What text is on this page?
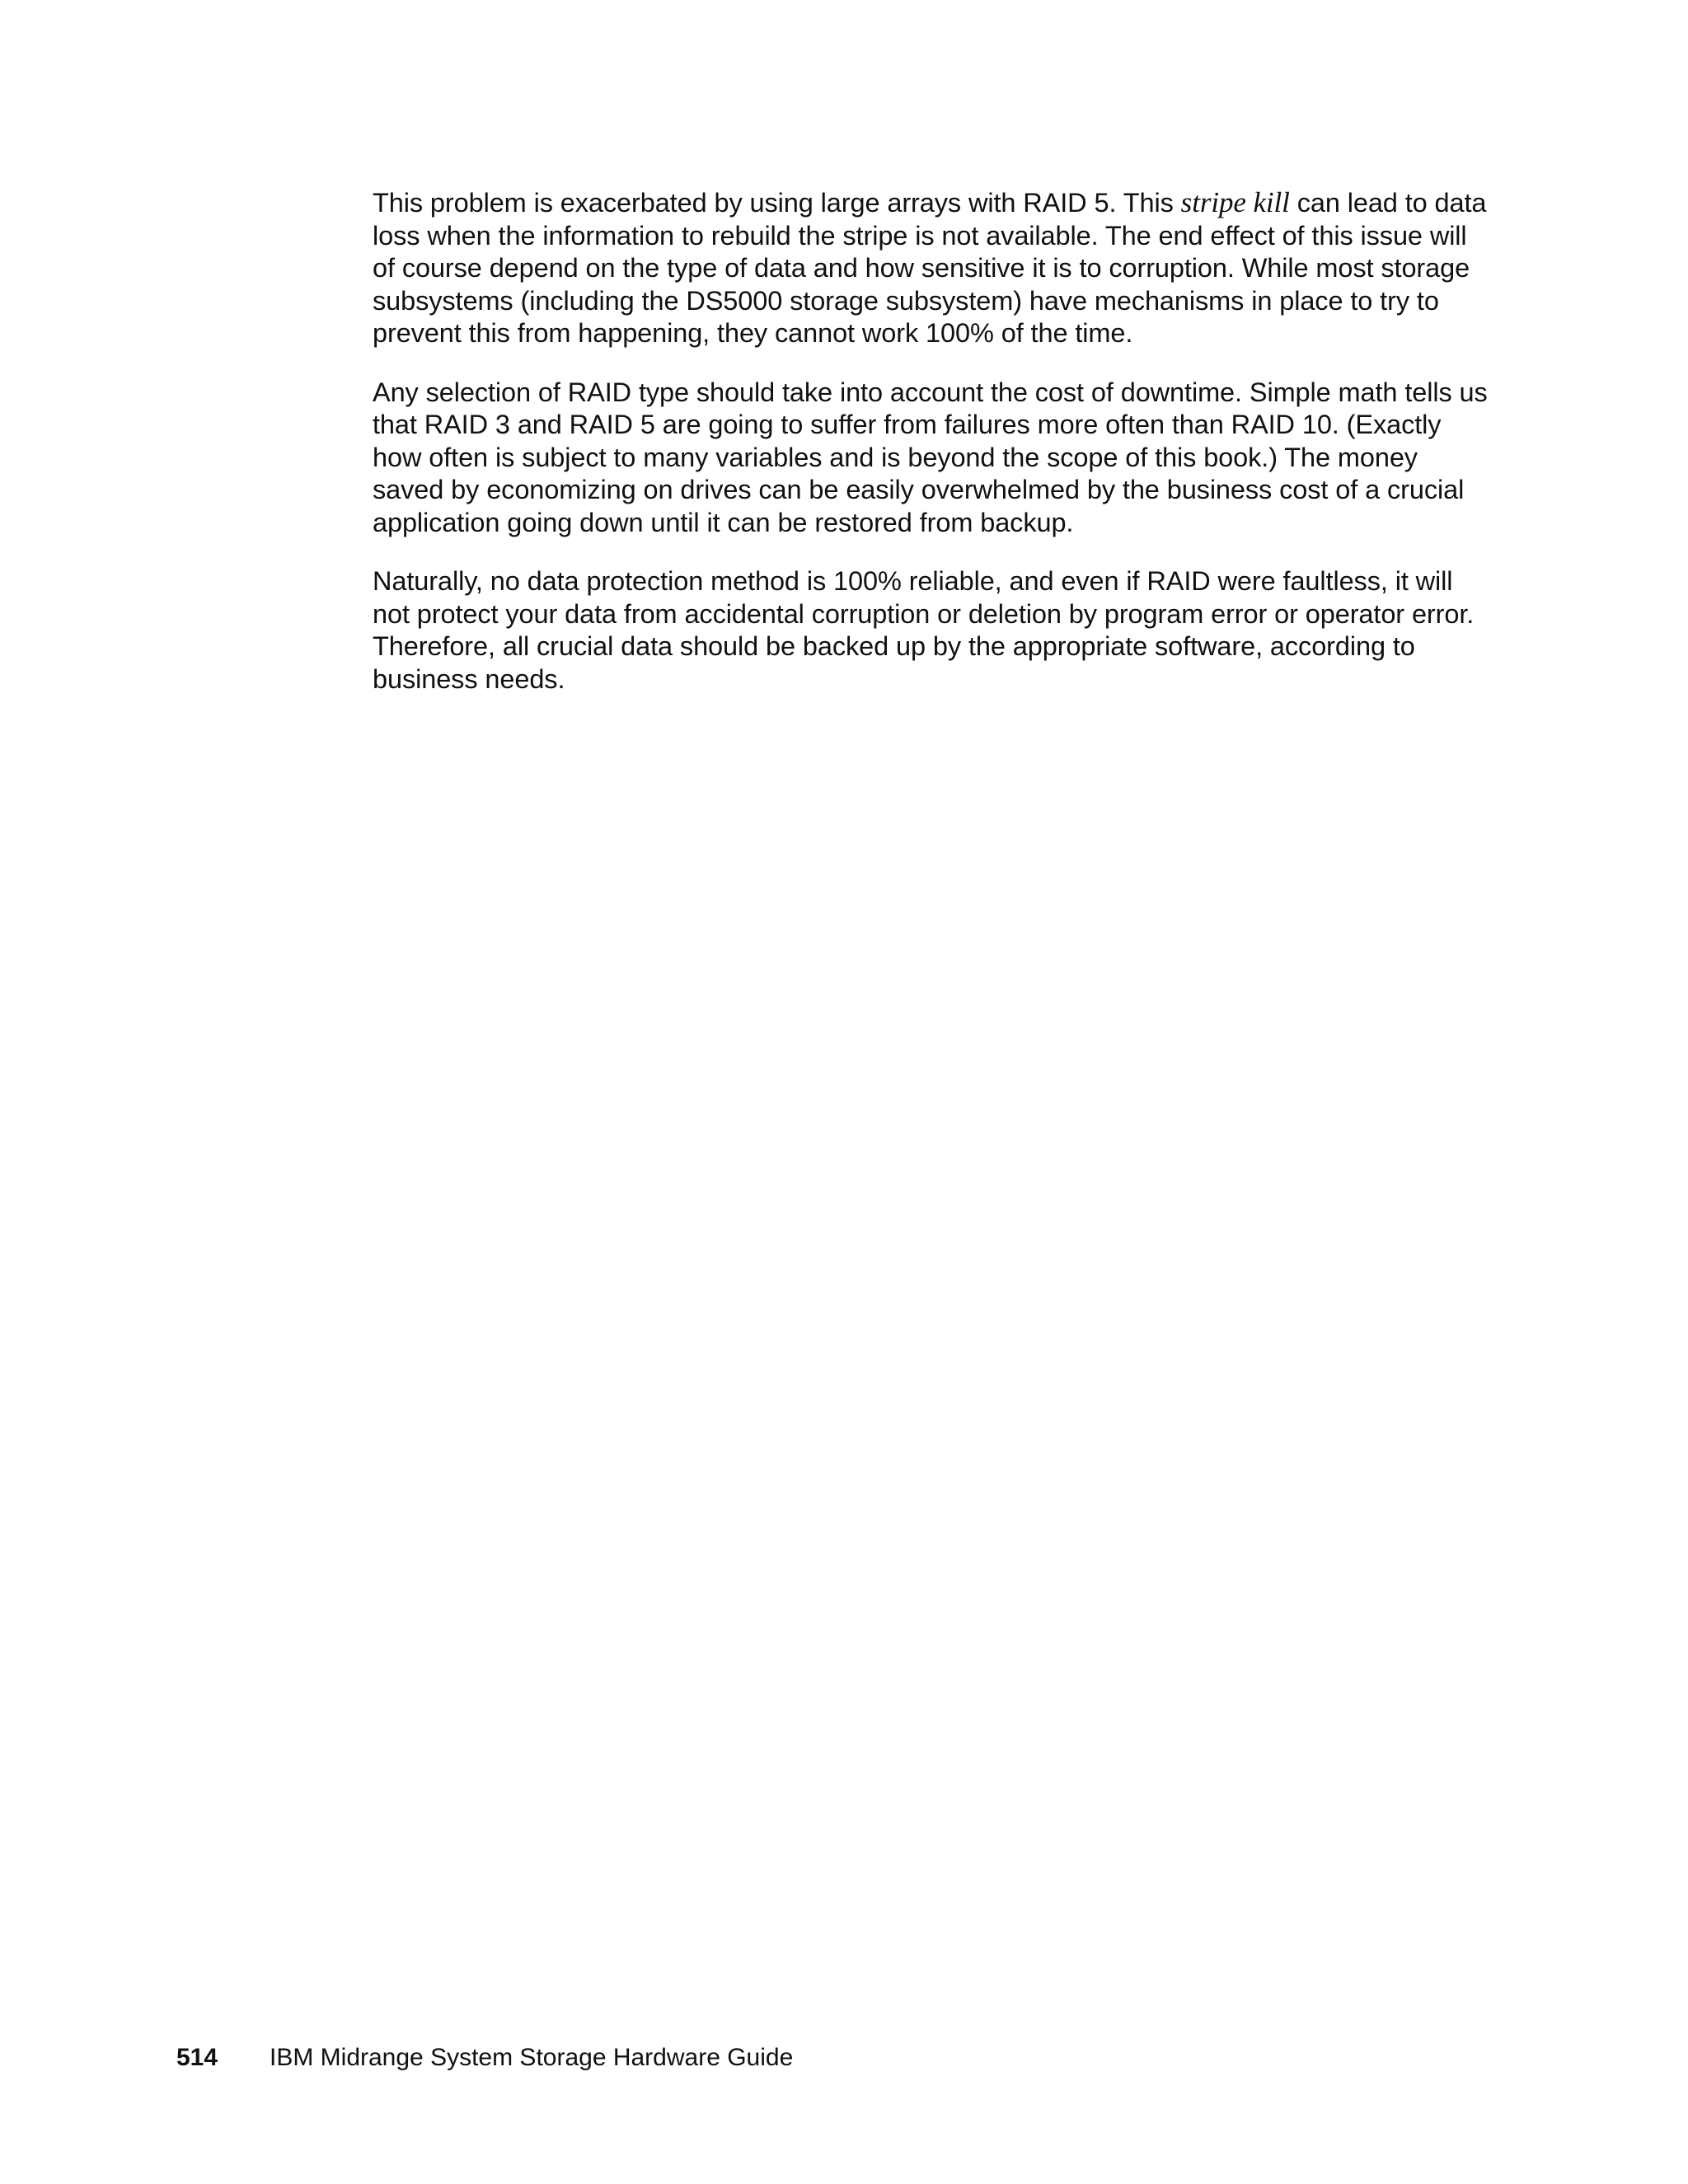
This problem is exacerbated by using large arrays with RAID 5. This stripe kill can lead to data loss when the information to rebuild the stripe is not available. The end effect of this issue will of course depend on the type of data and how sensitive it is to corruption. While most storage subsystems (including the DS5000 storage subsystem) have mechanisms in place to try to prevent this from happening, they cannot work 100% of the time.

Any selection of RAID type should take into account the cost of downtime. Simple math tells us that RAID 3 and RAID 5 are going to suffer from failures more often than RAID 10. (Exactly how often is subject to many variables and is beyond the scope of this book.) The money saved by economizing on drives can be easily overwhelmed by the business cost of a crucial application going down until it can be restored from backup.

Naturally, no data protection method is 100% reliable, and even if RAID were faultless, it will not protect your data from accidental corruption or deletion by program error or operator error. Therefore, all crucial data should be backed up by the appropriate software, according to business needs.

514	IBM Midrange System Storage Hardware Guide
